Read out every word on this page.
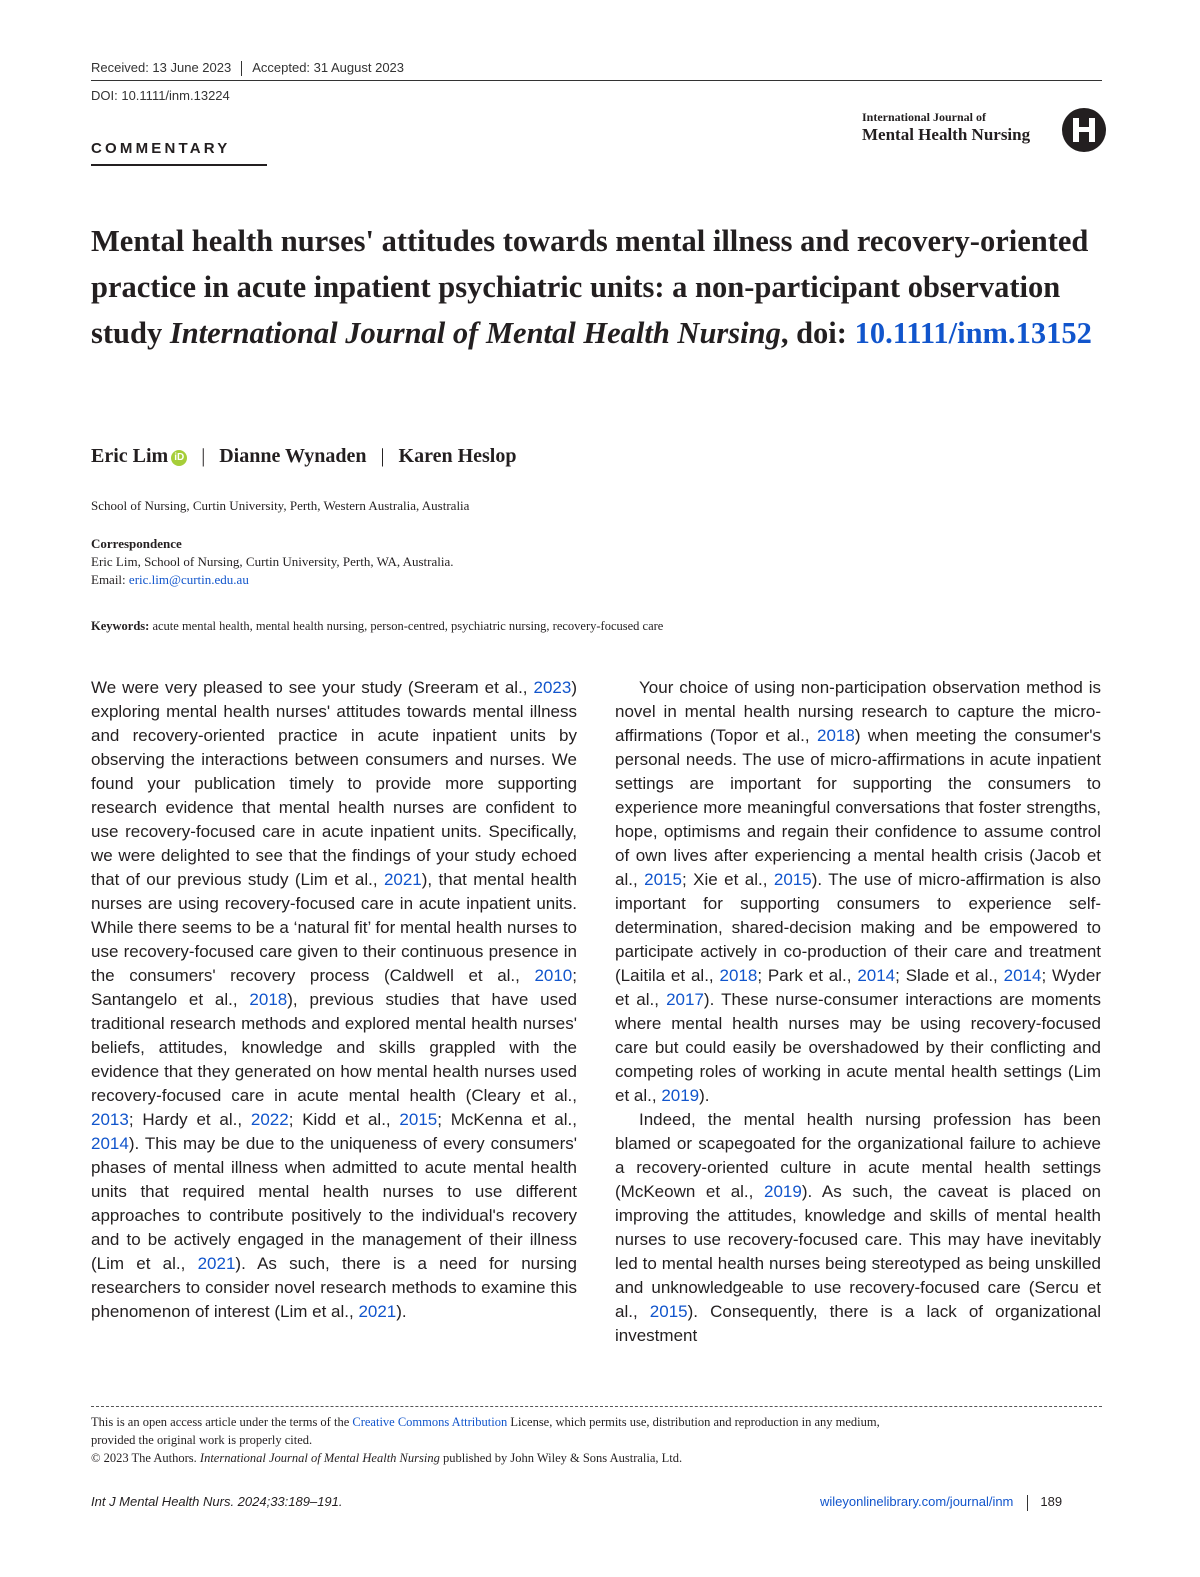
Received: 13 June 2023 Accepted: 31 August 2023
DOI: 10.1111/inm.13224
COMMENTARY
International Journal of
Mental Health Nursing
Mental health nurses' attitudes towards mental illness and recovery-oriented practice in acute inpatient psychiatric units: a non-participant observation study International Journal of Mental Health Nursing, doi: 10.1111/inm.13152
Eric Lim iD | Dianne Wynaden | Karen Heslop
School of Nursing, Curtin University, Perth, Western Australia, Australia
Correspondence
Eric Lim, School of Nursing, Curtin University, Perth, WA, Australia.
Email: eric.lim@curtin.edu.au
Keywords: acute mental health, mental health nursing, person-centred, psychiatric nursing, recovery-focused care

We were very pleased to see your study (Sreeram et al., 2023) exploring mental health nurses' attitudes towards mental illness and recovery-oriented practice in acute inpatient units by observing the interactions between consumers and nurses. We found your publication timely to provide more supporting research evidence that mental health nurses are confident to use recovery-focused care in acute inpatient units. Specifically, we were delighted to see that the findings of your study echoed that of our previous study (Lim et al., 2021), that mental health nurses are using recovery-focused care in acute inpatient units. While there seems to be a ‘natural fit’ for mental health nurses to use recovery-focused care given to their continuous presence in the consumers' recovery process (Caldwell et al., 2010; Santangelo et al., 2018), previous studies that have used traditional research methods and explored mental health nurses' beliefs, attitudes, knowledge and skills grappled with the evidence that they generated on how mental health nurses used recovery-focused care in acute mental health (Cleary et al., 2013; Hardy et al., 2022; Kidd et al., 2015; McKenna et al., 2014). This may be due to the uniqueness of every consumers' phases of mental illness when admitted to acute mental health units that required mental health nurses to use different approaches to contribute positively to the individual's recovery and to be actively engaged in the management of their illness (Lim et al., 2021). As such, there is a need for nursing researchers to consider novel research methods to examine this phenomenon of interest (Lim et al., 2021).

Your choice of using non-participation observation method is novel in mental health nursing research to capture the micro-affirmations (Topor et al., 2018) when meeting the consumer's personal needs. The use of micro-affirmations in acute inpatient settings are important for supporting the consumers to experience more meaningful conversations that foster strengths, hope, optimisms and regain their confidence to assume control of own lives after experiencing a mental health crisis (Jacob et al., 2015; Xie et al., 2015). The use of micro-affirmation is also important for supporting consumers to experience self-determination, shared-decision making and be empowered to participate actively in co-production of their care and treatment (Laitila et al., 2018; Park et al., 2014; Slade et al., 2014; Wyder et al., 2017). These nurse-consumer interactions are moments where mental health nurses may be using recovery-focused care but could easily be overshadowed by their conflicting and competing roles of working in acute mental health settings (Lim et al., 2019).

Indeed, the mental health nursing profession has been blamed or scapegoated for the organizational failure to achieve a recovery-oriented culture in acute mental health settings (McKeown et al., 2019). As such, the caveat is placed on improving the attitudes, knowledge and skills of mental health nurses to use recovery-focused care. This may have inevitably led to mental health nurses being stereotyped as being unskilled and unknowledgeable to use recovery-focused care (Sercu et al., 2015). Consequently, there is a lack of organizational investment

This is an open access article under the terms of the Creative Commons Attribution License, which permits use, distribution and reproduction in any medium,
provided the original work is properly cited.
© 2023 The Authors. International Journal of Mental Health Nursing published by John Wiley & Sons Australia, Ltd.
Int J Mental Health Nurs. 2024;33:189–191.	wileyonlinelibrary.com/journal/inm 189
